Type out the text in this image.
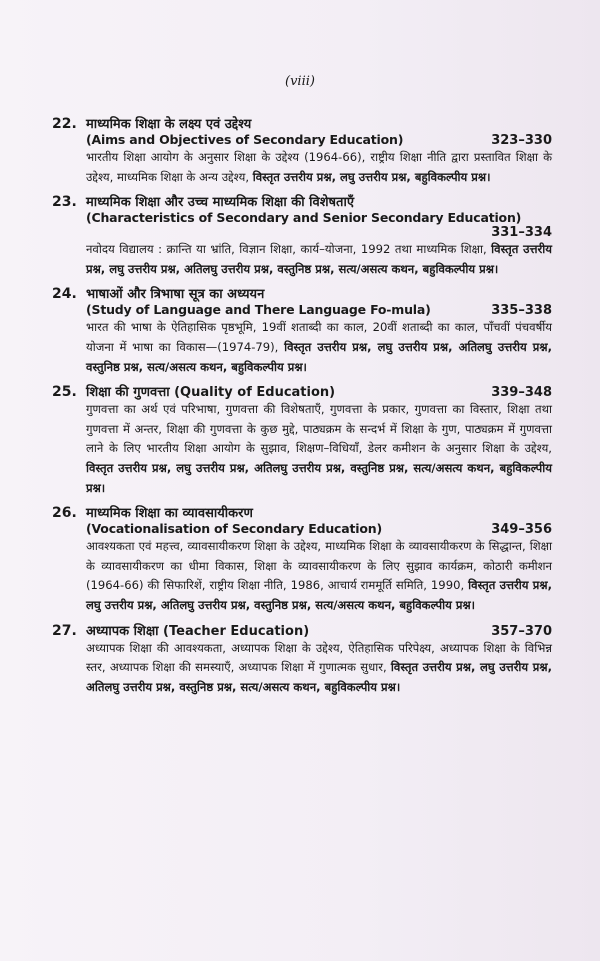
(viii)
22. माध्यमिक शिक्षा के लक्ष्य एवं उद्देश्य
(Aims and Objectives of Secondary Education)	323–330
भारतीय शिक्षा आयोग के अनुसार शिक्षा के उद्देश्य (1964-66), राष्ट्रीय शिक्षा नीति द्वारा प्रस्तावित शिक्षा के उद्देश्य, माध्यमिक शिक्षा के अन्य उद्देश्य, विस्तृत उत्तरीय प्रश्न, लघु उत्तरीय प्रश्न, बहुविकल्पीय प्रश्न।
23. माध्यमिक शिक्षा और उच्च माध्यमिक शिक्षा की विशेषताएँ
(Characteristics of Secondary and Senior Secondary Education)
331–334
नवोदय विद्यालय : क्रान्ति या भ्रांति, विज्ञान शिक्षा, कार्य–योजना, 1992 तथा माध्यमिक शिक्षा, विस्तृत उत्तरीय प्रश्न, लघु उत्तरीय प्रश्न, अतिलघु उत्तरीय प्रश्न, वस्तुनिष्ठ प्रश्न, सत्य/असत्य कथन, बहुविकल्पीय प्रश्न।
24. भाषाओं और त्रिभाषा सूत्र का अध्ययन
(Study of Language and There Language Fo-mula)	335–338
भारत की भाषा के ऐतिहासिक पृष्ठभूमि, 19वीं शताब्दी का काल, 20वीं शताब्दी का काल, पाँचवीं पंचवर्षीय योजना में भाषा का विकास—(1974-79), विस्तृत उत्तरीय प्रश्न, लघु उत्तरीय प्रश्न, अतिलघु उत्तरीय प्रश्न, वस्तुनिष्ठ प्रश्न, सत्य/असत्य कथन, बहुविकल्पीय प्रश्न।
25. शिक्षा की गुणवत्ता (Quality of Education)	339–348
गुणवत्ता का अर्थ एवं परिभाषा, गुणवत्ता की विशेषताएँ, गुणवत्ता के प्रकार, गुणवत्ता का विस्तार, शिक्षा तथा गुणवत्ता में अन्तर, शिक्षा की गुणवत्ता के कुछ मुद्दे, पाठ्यक्रम के सन्दर्भ में शिक्षा के गुण, पाठ्यक्रम में गुणवत्ता लाने के लिए भारतीय शिक्षा आयोग के सुझाव, शिक्षण–विधियाँ, डेलर कमीशन के अनुसार शिक्षा के उद्देश्य, विस्तृत उत्तरीय प्रश्न, लघु उत्तरीय प्रश्न, अतिलघु उत्तरीय प्रश्न, वस्तुनिष्ठ प्रश्न, सत्य/असत्य कथन, बहुविकल्पीय प्रश्न।
26. माध्यमिक शिक्षा का व्यावसायीकरण
(Vocationalisation of Secondary Education)	349–356
आवश्यकता एवं महत्त्व, व्यावसायीकरण शिक्षा के उद्देश्य, माध्यमिक शिक्षा के व्यावसायीकरण के सिद्धान्त, शिक्षा के व्यावसायीकरण का धीमा विकास, शिक्षा के व्यावसायीकरण के लिए सुझाव कार्यक्रम, कोठारी कमीशन (1964-66) की सिफारिशें, राष्ट्रीय शिक्षा नीति, 1986, आचार्य राममूर्ति समिति, 1990, विस्तृत उत्तरीय प्रश्न, लघु उत्तरीय प्रश्न, अतिलघु उत्तरीय प्रश्न, वस्तुनिष्ठ प्रश्न, सत्य/असत्य कथन, बहुविकल्पीय प्रश्न।
27. अध्यापक शिक्षा (Teacher Education)	357–370
अध्यापक शिक्षा की आवश्यकता, अध्यापक शिक्षा के उद्देश्य, ऐतिहासिक परिपेक्ष्य, अध्यापक शिक्षा के विभिन्न स्तर, अध्यापक शिक्षा की समस्याएँ, अध्यापक शिक्षा में गुणात्मक सुधार, विस्तृत उत्तरीय प्रश्न, लघु उत्तरीय प्रश्न, अतिलघु उत्तरीय प्रश्न, वस्तुनिष्ठ प्रश्न, सत्य/असत्य कथन, बहुविकल्पीय प्रश्न।
